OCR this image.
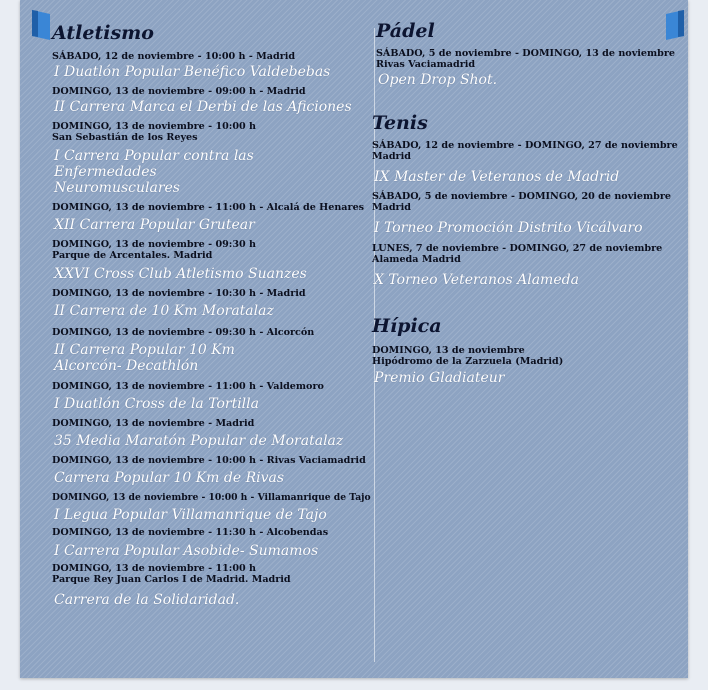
Atletismo
SÁBADO, 12 de noviembre - 10:00 h - Madrid
I Duatlón Popular Benéfico Valdebebas
DOMINGO, 13 de noviembre - 09:00 h - Madrid
II Carrera Marca el Derbi de las Aficiones
DOMINGO, 13 de noviembre - 10:00 h
San Sebastián de los Reyes
I Carrera Popular contra las Enfermedades
Neuromusculares
DOMINGO, 13 de noviembre - 11:00 h - Alcalá de Henares
XII Carrera Popular Grutear
DOMINGO, 13 de noviembre - 09:30 h
Parque de Arcentales. Madrid
XXVI Cross Club Atletismo Suanzes
DOMINGO, 13 de noviembre - 10:30 h - Madrid
II Carrera de 10 Km Moratalaz
DOMINGO, 13 de noviembre - 09:30 h - Alcorcón
II Carrera Popular 10 Km
Alcorcón- Decathlón
DOMINGO, 13 de noviembre - 11:00 h - Valdemoro
I Duatlón Cross de la Tortilla
DOMINGO, 13 de noviembre - Madrid
35 Media Maratón Popular de Moratalaz
DOMINGO, 13 de noviembre - 10:00 h - Rivas Vaciamadrid
Carrera Popular 10 Km de Rivas
DOMINGO, 13 de noviembre - 10:00 h - Villamanrique de Tajo
I Legua Popular Villamanrique de Tajo
DOMINGO, 13 de noviembre - 11:30 h - Alcobendas
I Carrera Popular Asobide- Sumamos
DOMINGO, 13 de noviembre - 11:00 h
Parque Rey Juan Carlos I de Madrid. Madrid
Carrera de la Solidaridad.
Pádel
SÁBADO, 5 de noviembre - DOMINGO, 13 de noviembre
Rivas Vaciamadrid
Open Drop Shot.
Tenis
SÁBADO, 12 de noviembre - DOMINGO, 27 de noviembre
Madrid
IX Master de Veteranos de Madrid
SÁBADO, 5 de noviembre - DOMINGO, 20 de noviembre
Madrid
I Torneo Promoción Distrito Vicálvaro
LUNES, 7 de noviembre - DOMINGO, 27 de noviembre
Alameda Madrid
X Torneo Veteranos Alameda
Hípica
DOMINGO, 13 de noviembre
Hipódromo de la Zarzuela (Madrid)
Premio Gladiateur
